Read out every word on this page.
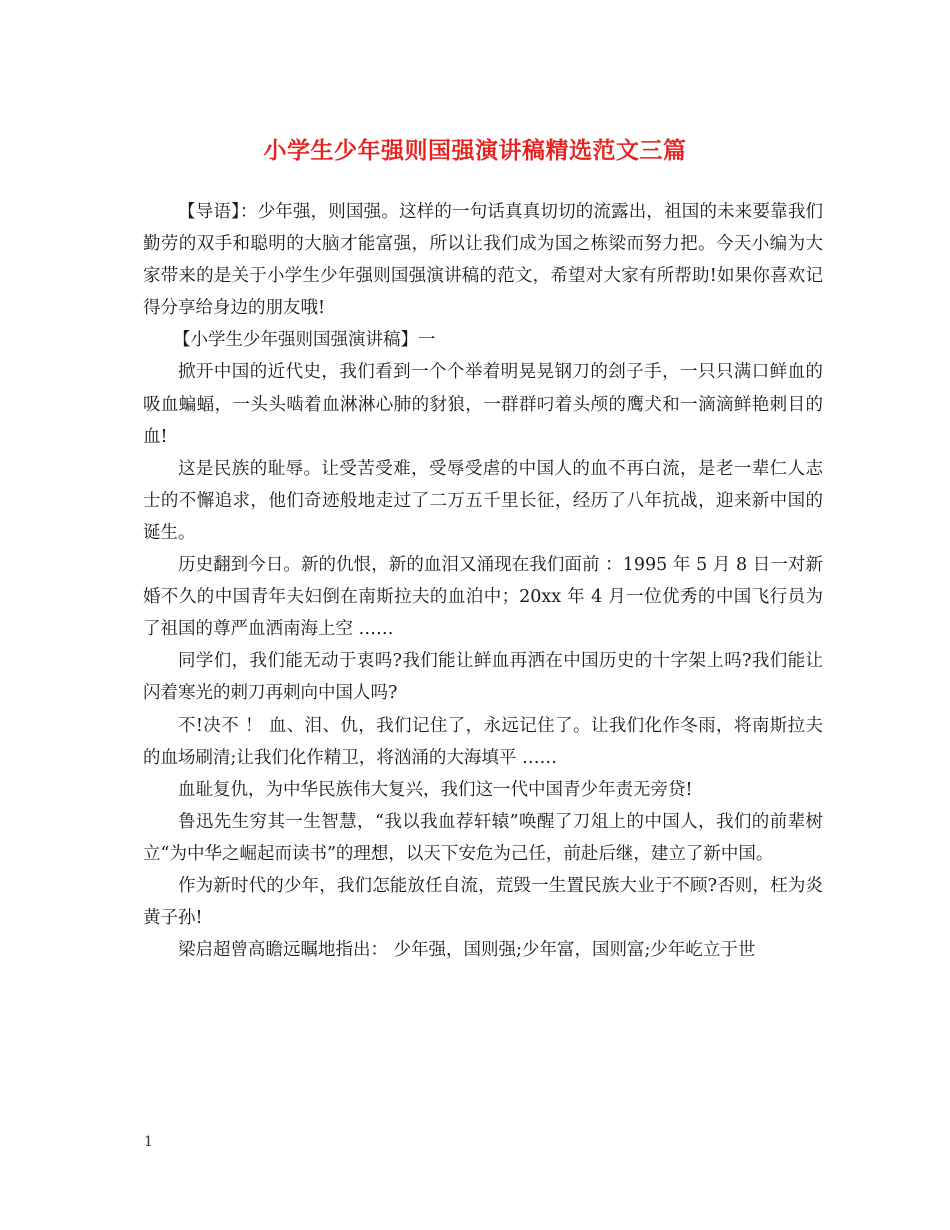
小学生少年强则国强演讲稿精选范文三篇

【导语】：少年强，则国强。这样的一句话真真切切的流露出，祖国的未来要靠我们勤劳的双手和聪明的大脑才能富强，所以让我们成为国之栋梁而努力把。今天小编为大家带来的是关于小学生少年强则国强演讲稿的范文，希望对大家有所帮助!如果你喜欢记得分享给身边的朋友哦!

【小学生少年强则国强演讲稿】一

掀开中国的近代史，我们看到一个个举着明晃晃钢刀的刽子手，一只只满口鲜血的吸血蝙蝠，一头头啮着血淋淋心肺的豺狼，一群群叼着头颅的鹰犬和一滴滴鲜艳刺目的血!

这是民族的耻辱。让受苦受难，受辱受虐的中国人的血不再白流，是老一辈仁人志士的不懈追求，他们奇迹般地走过了二万五千里长征，经历了八年抗战，迎来新中国的诞生。

历史翻到今日。新的仇恨，新的血泪又涌现在我们面前 ：1995 年 5 月 8 日一对新婚不久的中国青年夫妇倒在南斯拉夫的血泊中；20xx 年 4 月一位优秀的中国飞行员为了祖国的尊严血洒南海上空 ……

同学们，我们能无动于衷吗?我们能让鲜血再洒在中国历史的十字架上吗?我们能让闪着寒光的刺刀再刺向中国人吗?

不!决不 ！ 血、泪、仇，我们记住了，永远记住了。让我们化作冬雨，将南斯拉夫的血场刷清;让我们化作精卫，将汹涌的大海填平 ……

血耻复仇，为中华民族伟大复兴，我们这一代中国青少年责无旁贷!

鲁迅先生穷其一生智慧，“我以我血荐轩辕”唤醒了刀俎上的中国人，我们的前辈树立“为中华之崛起而读书”的理想，以天下安危为己任，前赴后继，建立了新中国。

作为新时代的少年，我们怎能放任自流，荒毁一生置民族大业于不顾?否则，枉为炎黄子孙!

梁启超曾高瞻远瞩地指出： 少年强，国则强;少年富，国则富;少年屹立于世

1
